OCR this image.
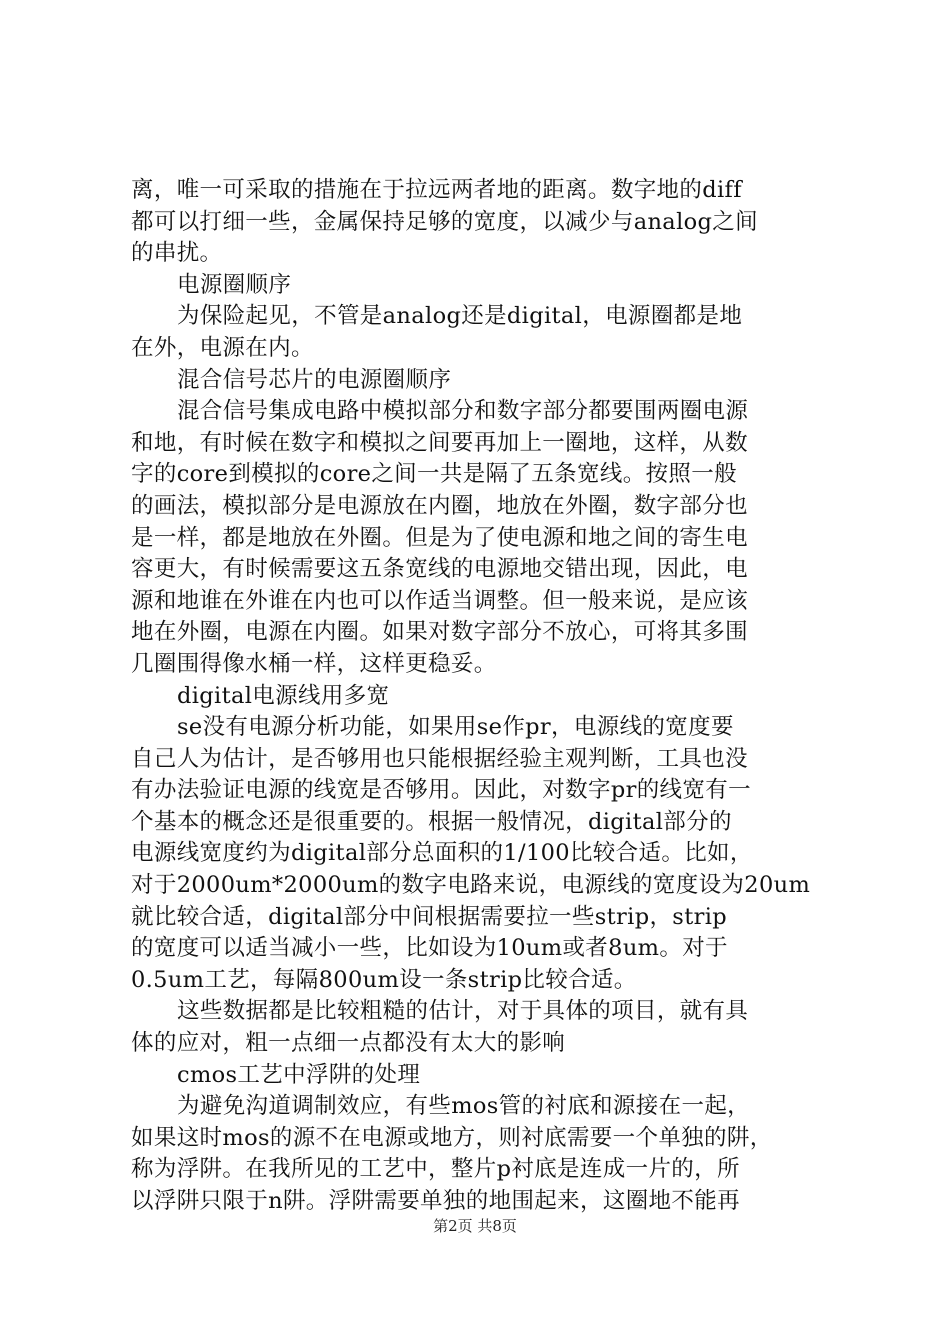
离，唯一可采取的措施在于拉远两者地的距离。数字地的diff
都可以打细一些，金属保持足够的宽度，以减少与analog之间
的串扰。
电源圈顺序
为保险起见，不管是analog还是digital，电源圈都是地
在外，电源在内。
混合信号芯片的电源圈顺序
混合信号集成电路中模拟部分和数字部分都要围两圈电源
和地，有时候在数字和模拟之间要再加上一圈地，这样，从数
字的core到模拟的core之间一共是隔了五条宽线。按照一般
的画法，模拟部分是电源放在内圈，地放在外圈，数字部分也
是一样，都是地放在外圈。但是为了使电源和地之间的寄生电
容更大，有时候需要这五条宽线的电源地交错出现，因此，电
源和地谁在外谁在内也可以作适当调整。但一般来说，是应该
地在外圈，电源在内圈。如果对数字部分不放心，可将其多围
几圈围得像水桶一样，这样更稳妥。
digital电源线用多宽
se没有电源分析功能，如果用se作pr，电源线的宽度要
自己人为估计，是否够用也只能根据经验主观判断，工具也没
有办法验证电源的线宽是否够用。因此，对数字pr的线宽有一
个基本的概念还是很重要的。根据一般情况，digital部分的
电源线宽度约为digital部分总面积的1/100比较合适。比如，
对于2000um*2000um的数字电路来说，电源线的宽度设为20um
就比较合适，digital部分中间根据需要拉一些strip，strip
的宽度可以适当减小一些，比如设为10um或者8um。对于
0.5um工艺，每隔800um设一条strip比较合适。
这些数据都是比较粗糙的估计，对于具体的项目，就有具
体的应对，粗一点细一点都没有太大的影响
cmos工艺中浮阱的处理
为避免沟道调制效应，有些mos管的衬底和源接在一起，
如果这时mos的源不在电源或地方，则衬底需要一个单独的阱，
称为浮阱。在我所见的工艺中，整片p衬底是连成一片的，所
以浮阱只限于n阱。浮阱需要单独的地围起来，这圈地不能再
第2页 共8页
